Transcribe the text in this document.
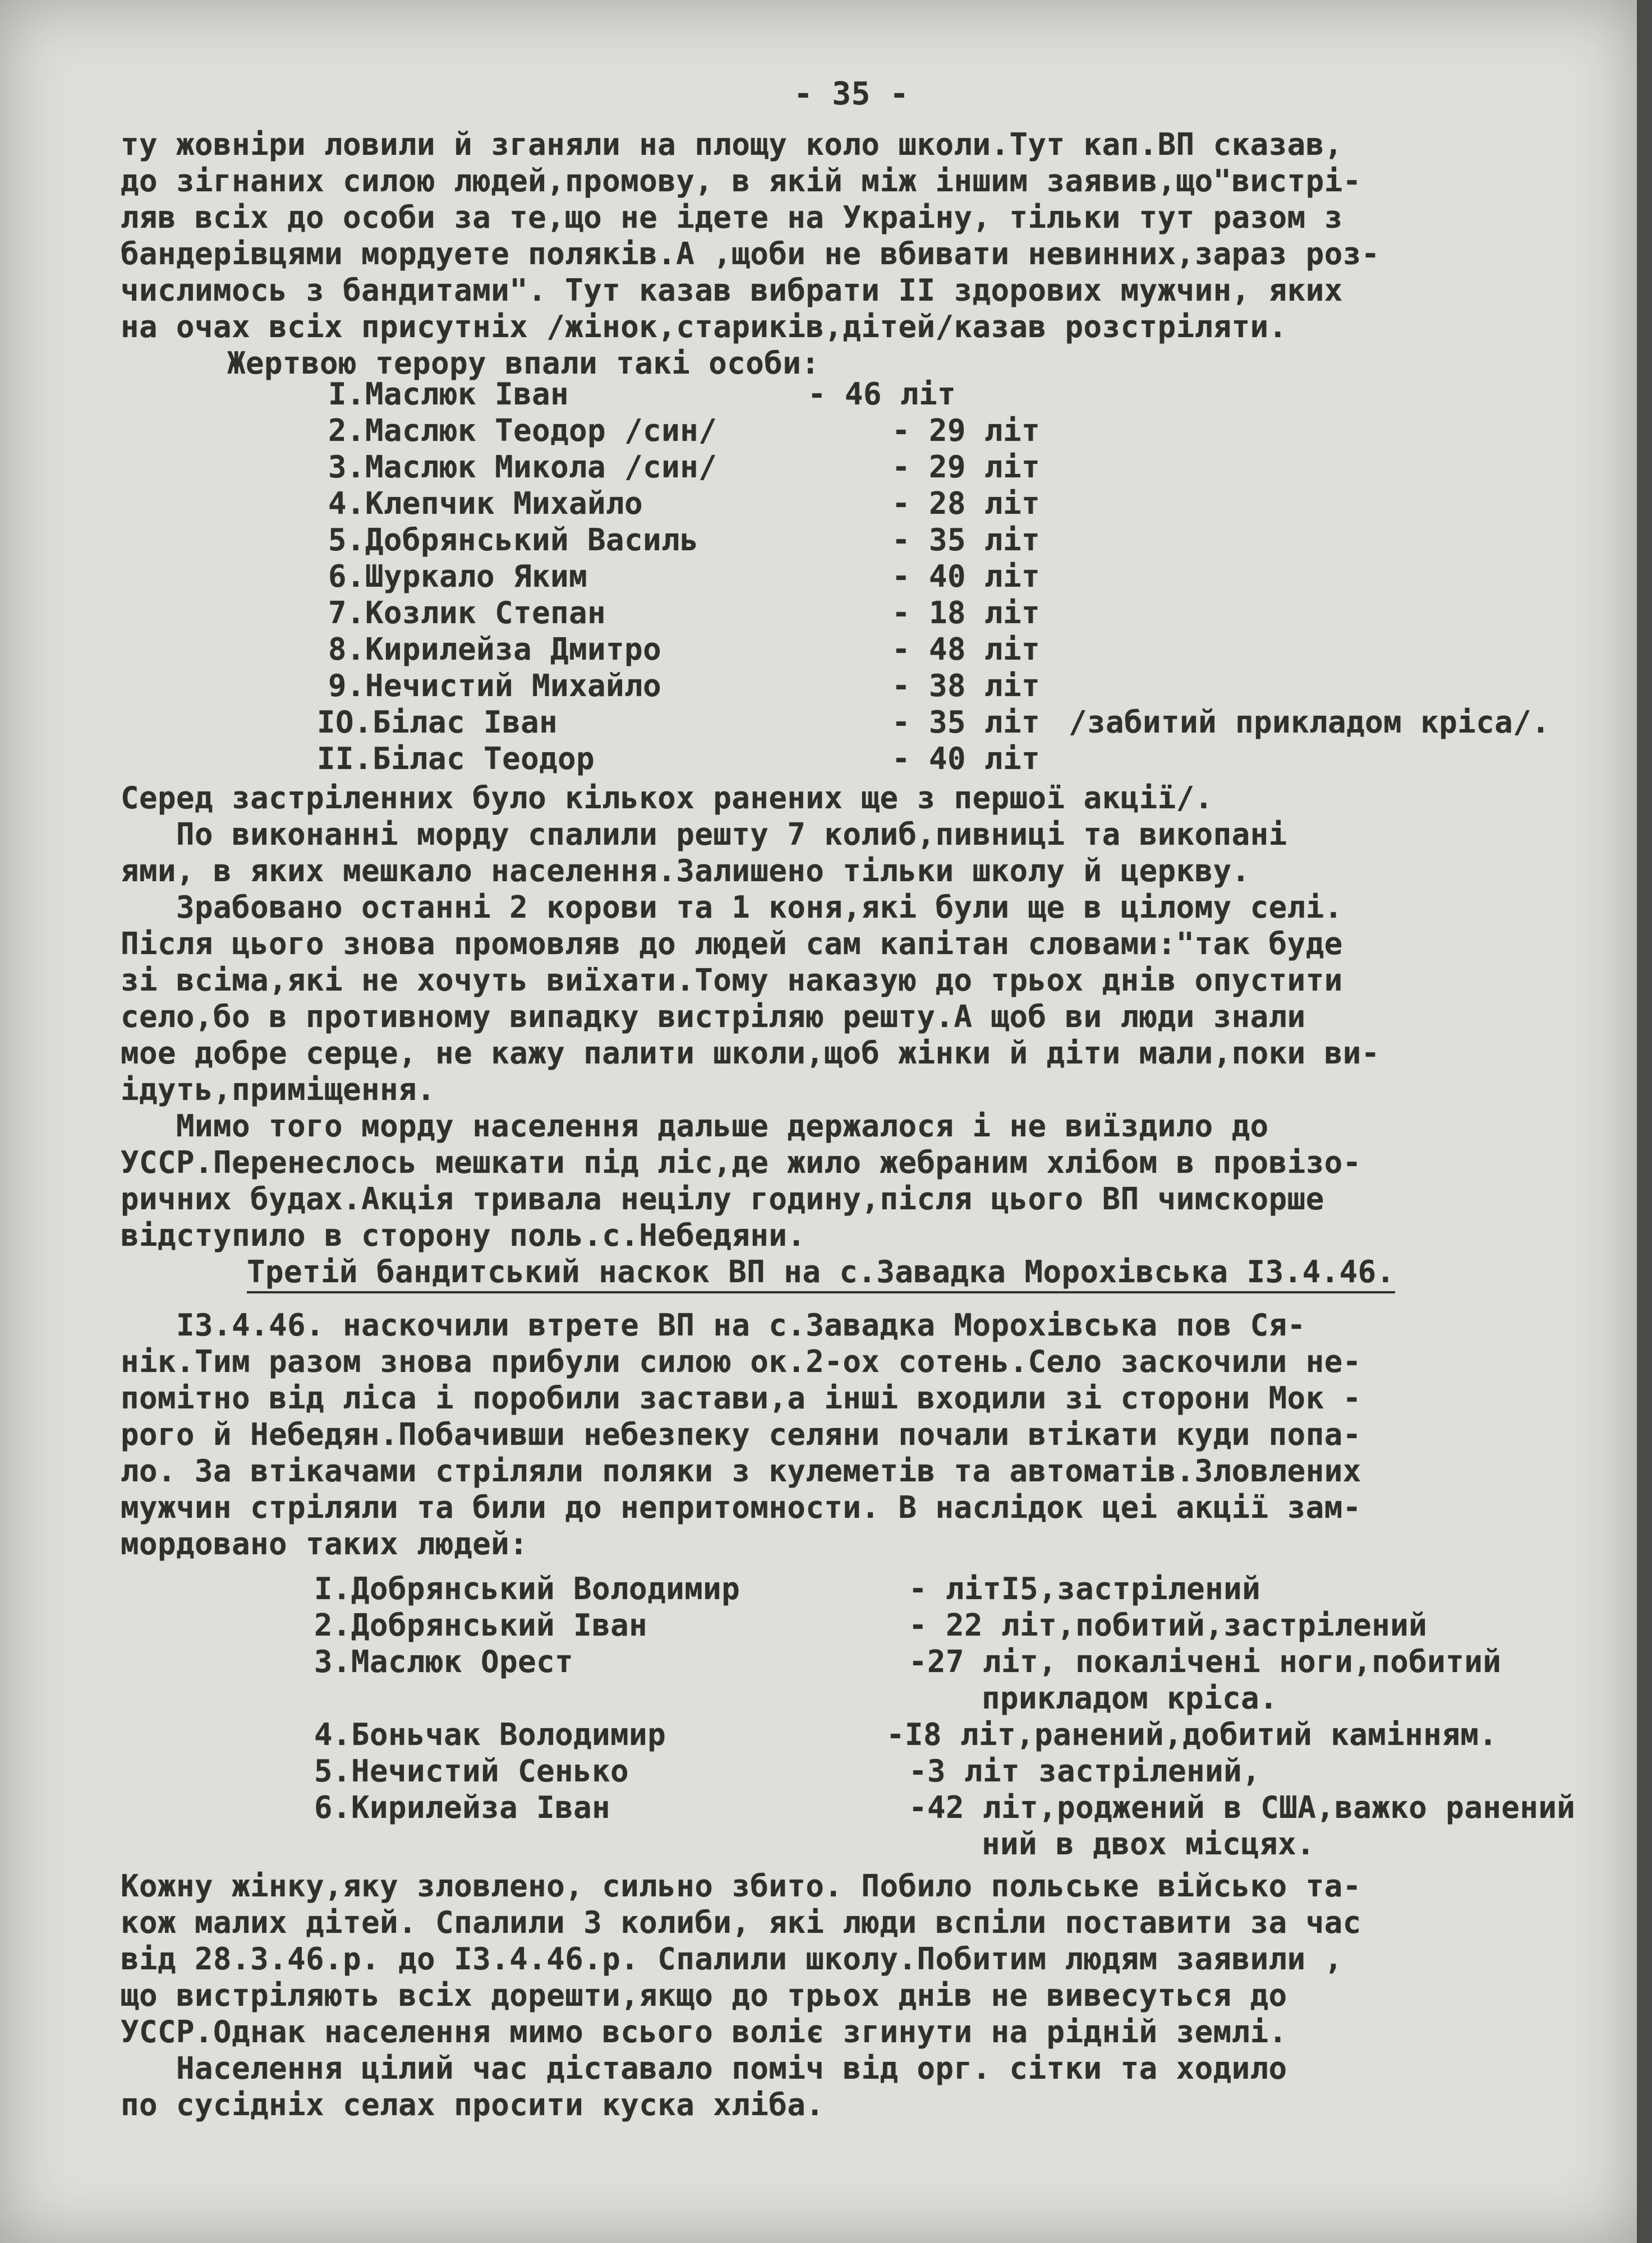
- 35 -
ту жовніри ловили й зганяли на площу коло школи.Тут кап.ВП сказав,
до зігнаних силою людей,промову, в якій між іншим заявив,що"вистрі-
ляв всіх до особи за те,що не ідете на Украіну, тільки тут разом з
бандерівцями мордуете поляків.А ,щоби не вбивати невинних,зараз роз-
числимось з бандитами". Тут казав вибрати II здорових мужчин, яких
на очах всіх присутніх /жінок,стариків,дітей/казав розстріляти.
Жертвою терору впали такі особи:
I.Маслюк Іван	- 46 літ
2.Маслюк Теодор /син/	- 29 літ
3.Маслюк Микола /син/	- 29 літ
4.Клепчик Михайло	- 28 літ
5.Добрянський Василь	- 35 літ
6.Шуркало Яким	- 40 літ
7.Козлик Степан	- 18 літ
8.Кирилейза Дмитро	- 48 літ
9.Нечистий Михайло	- 38 літ
IO.Білас Іван	- 35 літ /забитий прикладом кріса/.
II.Білас Теодор	- 40 літ
Серед застріленних було кількох ранених ще з першої акції/.
По виконанні морду спалили решту 7 колиб,пивниці та викопані
ями, в яких мешкало населення.Залишено тільки школу й церкву.
Зрабовано останні 2 корови та 1 коня,які були ще в цілому селі.
Після цього знова промовляв до людей сам капітан словами:"так буде
зі всіма,які не хочуть виїхати.Тому наказую до трьох днів опустити
село,бо в противному випадку вистріляю решту.А щоб ви люди знали
мое добре серце, не кажу палити школи,щоб жінки й діти мали,поки ви-
ідуть,приміщення.
Мимо того морду населення дальше держалося і не виїздило до
УССР.Перенеслось мешкати під ліс,де жило жебраним хлібом в провізо-
ричних будах.Акція тривала нецілу годину,після цього ВП чимскорше
відступило в сторону поль.с.Небедяни.
Третій бандитський наскок ВП на с.Завадка Морохівська I3.4.46.
I3.4.46. наскочили втрете ВП на с.Завадка Морохівська пов Ся-
нік.Тим разом знова прибули силою ок.2-ох сотень.Село заскочили не-
помітно від ліса і поробили застави,а інші входили зі сторони Мок -
рого й Небедян.Побачивши небезпеку селяни почали втікати куди попа-
ло. За втікачами стріляли поляки з кулеметів та автоматів.Зловлених
мужчин стріляли та били до непритомности. В наслідок цеі акції зам-
мордовано таких людей:
I.Добрянський Володимир	- літI5,застрілений
2.Добрянський Іван	- 22 літ,побитий,застрілений
3.Маслюк Орест	-27 літ, покалічені ноги,побитий
прикладом кріса.
4.Боньчак Володимир	-I8 літ,ранений,добитий камінням.
5.Нечистий Сенько	-3 літ застрілений,
6.Кирилейза Іван	-42 літ,роджений в США,важко ранений
ний в двох місцях.
Кожну жінку,яку зловлено, сильно збито. Побило польське військо та-
кож малих дітей. Спалили 3 колиби, які люди вспіли поставити за час
від 28.3.46.р. до I3.4.46.р. Спалили школу.Побитим людям заявили ,
що вистріляють всіх дорешти,якщо до трьох днів не вивесуться до
УССР.Однак населення мимо всього воліє згинути на рідній землі.
Населення цілий час діставало поміч від орг. сітки та ходило
по сусідніх селах просити куска хліба.
